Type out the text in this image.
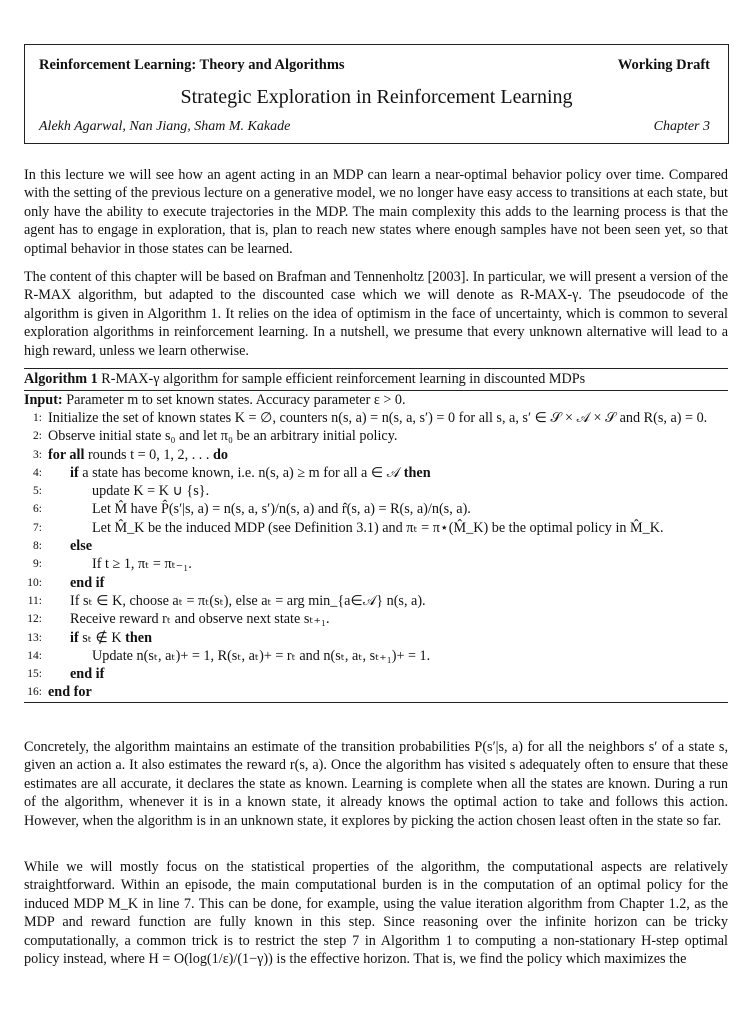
Reinforcement Learning: Theory and Algorithms	Working Draft
Strategic Exploration in Reinforcement Learning
Alekh Agarwal, Nan Jiang, Sham M. Kakade	Chapter 3
In this lecture we will see how an agent acting in an MDP can learn a near-optimal behavior policy over time. Compared with the setting of the previous lecture on a generative model, we no longer have easy access to transitions at each state, but only have the ability to execute trajectories in the MDP. The main complexity this adds to the learning process is that the agent has to engage in exploration, that is, plan to reach new states where enough samples have not been seen yet, so that optimal behavior in those states can be learned.
The content of this chapter will be based on Brafman and Tennenholtz [2003]. In particular, we will present a version of the R-MAX algorithm, but adapted to the discounted case which we will denote as R-MAX-γ. The pseudocode of the algorithm is given in Algorithm 1. It relies on the idea of optimism in the face of uncertainty, which is common to several exploration algorithms in reinforcement learning. In a nutshell, we presume that every unknown alternative will lead to a high reward, unless we learn otherwise.
Algorithm 1 R-MAX-γ algorithm for sample efficient reinforcement learning in discounted MDPs
Input: Parameter m to set known states. Accuracy parameter ε > 0.
1: Initialize the set of known states K = ∅, counters n(s, a) = n(s, a, s′) = 0 for all s, a, s′ ∈ 𝒮 × 𝒜 × 𝒮 and R(s, a) = 0.
2: Observe initial state s₀ and let π₀ be an arbitrary initial policy.
3: for all rounds t = 0, 1, 2, . . . do
4:	if a state has become known, i.e. n(s, a) ≥ m for all a ∈ 𝒜 then
5:	update K = K ∪ {s}.
6:	Let M̂ have P̂(s′|s, a) = n(s, a, s′)/n(s, a) and r̂(s, a) = R(s, a)/n(s, a).
7:	Let M̂_K be the induced MDP (see Definition 3.1) and πₜ = π⋆(M̂_K) be the optimal policy in M̂_K.
8:	else
9:	If t ≥ 1, πₜ = πₜ₋₁.
10:	end if
11:	If sₜ ∈ K, choose aₜ = πₜ(sₜ), else aₜ = arg min_{a∈𝒜} n(s, a).
12:	Receive reward rₜ and observe next state sₜ₊₁.
13:	if sₜ ∉ K then
14:	Update n(sₜ, aₜ)+ = 1, R(sₜ, aₜ)+ = rₜ and n(sₜ, aₜ, sₜ₊₁)+ = 1.
15:	end if
16: end for
Concretely, the algorithm maintains an estimate of the transition probabilities P(s′|s, a) for all the neighbors s′ of a state s, given an action a. It also estimates the reward r(s, a). Once the algorithm has visited s adequately often to ensure that these estimates are all accurate, it declares the state as known. Learning is complete when all the states are known. During a run of the algorithm, whenever it is in a known state, it already knows the optimal action to take and follows this action. However, when the algorithm is in an unknown state, it explores by picking the action chosen least often in the state so far.
While we will mostly focus on the statistical properties of the algorithm, the computational aspects are relatively straightforward. Within an episode, the main computational burden is in the computation of an optimal policy for the induced MDP M_K in line 7. This can be done, for example, using the value iteration algorithm from Chapter 1.2, as the MDP and reward function are fully known in this step. Since reasoning over the infinite horizon can be tricky computationally, a common trick is to restrict the step 7 in Algorithm 1 to computing a non-stationary H-step optimal policy instead, where H = O(log(1/ε)/(1−γ)) is the effective horizon. That is, we find the policy which maximizes the
